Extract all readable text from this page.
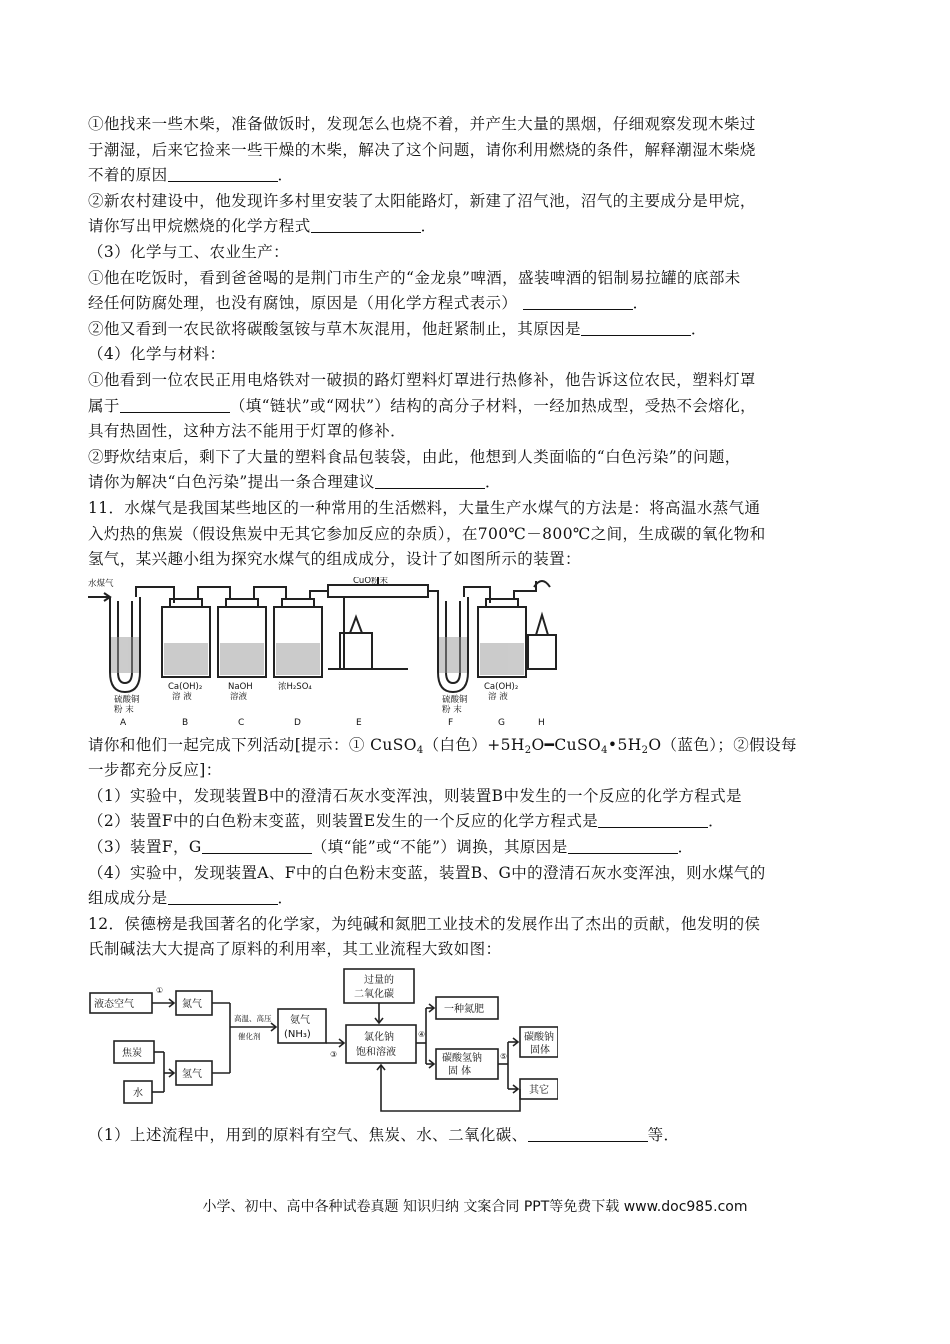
①他找来一些木柴，准备做饭时，发现怎么也烧不着，并产生大量的黑烟，仔细观察发现木柴过

于潮湿，后来它捡来一些干燥的木柴，解决了这个问题，请你利用燃烧的条件，解释潮湿木柴烧

不着的原因	．

②新农村建设中，他发现许多村里安装了太阳能路灯，新建了沼气池，沼气的主要成分是甲烷，

请你写出甲烷燃烧的化学方程式	．

（3）化学与工、农业生产：

①他在吃饭时，看到爸爸喝的是荆门市生产的“金龙泉”啤酒，盛装啤酒的铝制易拉罐的底部未

经任何防腐处理，也没有腐蚀，原因是（用化学方程式表示）	．

②他又看到一农民欲将碳酸氢铵与草木灰混用，他赶紧制止，其原因是	．

（4）化学与材料：

①他看到一位农民正用电烙铁对一破损的路灯塑料灯罩进行热修补，他告诉这位农民，塑料灯罩

属于	（填“链状”或“网状”）结构的高分子材料，一经加热成型，受热不会熔化，

具有热固性，这种方法不能用于灯罩的修补．

②野炊结束后，剩下了大量的塑料食品包装袋，由此，他想到人类面临的“白色污染”的问题，

请你为解决“白色污染”提出一条合理建议	．

11．水煤气是我国某些地区的一种常用的生活燃料，大量生产水煤气的方法是：将高温水蒸气通

入灼热的焦炭（假设焦炭中无其它参加反应的杂质），在700℃－800℃之间，生成碳的氧化物和

氢气，某兴趣小组为探究水煤气的组成成分，设计了如图所示的装置：

水煤气	CuO粉末
硫酸铜
粉 末
Ca(OH)₂
溶 液
NaOH
溶液
浓H₂SO₄
硫酸铜
粉 末
Ca(OH)₂
溶 液
A	B	C	D	E	F	G	H

请你和他们一起完成下列活动[提示：① CuSO$_4$（白色）$+5H_2O━CuSO_4•5H_2O$（蓝色）；②假设每

一步都充分反应]：

（1）实验中，发现装置B中的澄清石灰水变浑浊，则装置B中发生的一个反应的化学方程式是

（2）装置F中的白色粉末变蓝，则装置E发生的一个反应的化学方程式是	．

（3）装置F，G	（填“能”或“不能”）调换，其原因是	．

（4）实验中，发现装置A、F中的白色粉末变蓝，装置B、G中的澄清石灰水变浑浊，则水煤气的

组成成分是	．

12．侯德榜是我国著名的化学家，为纯碱和氮肥工业技术的发展作出了杰出的贡献，他发明的侯

氏制碱法大大提高了原料的利用率，其工业流程大致如图：

液态空气
①
氮气
焦炭
水
氢气
高温、高压
催化剂
氨气
(NH₃)
③
过量的
二氧化碳
氯化钠
饱和溶液
④
一种氮肥
碳酸氢钠
固 体
⑤
碳酸钠
固体
其它

（1）上述流程中，用到的原料有空气、焦炭、水、二氧化碳、	等．

小学、初中、高中各种试卷真题 知识归纳 文案合同 PPT等免费下载 www.doc985.com
